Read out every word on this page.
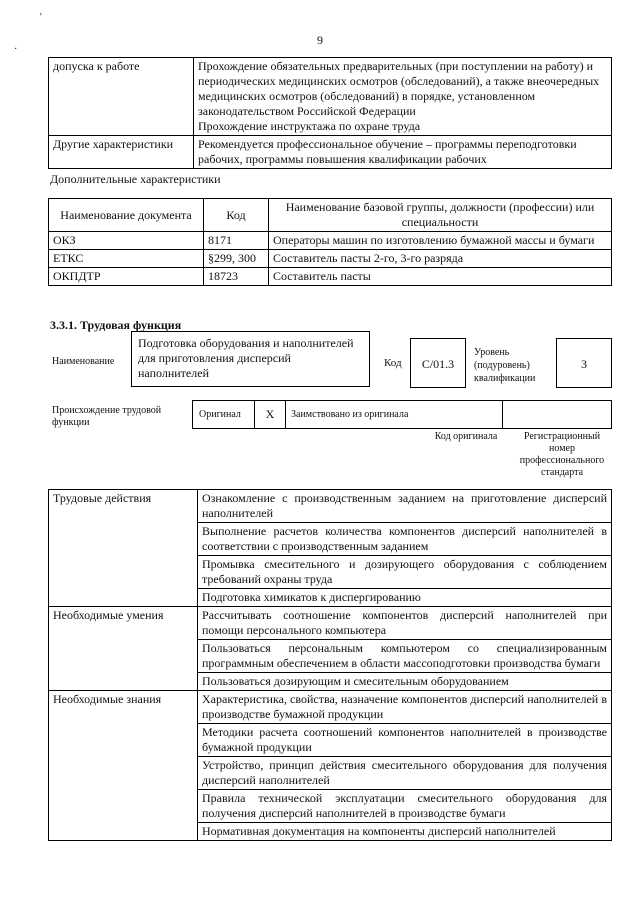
'
·
9
допуска к работе	Прохождение обязательных предварительных (при поступлении на работу) и периодических медицинских осмотров (обследований), а также внеочередных медицинских осмотров (обследований) в порядке, установленном законодательством Российской Федерации
Прохождение инструктажа по охране труда

Другие характеристики	Рекомендуется профессиональное обучение – программы переподготовки рабочих, программы повышения квалификации рабочих
Дополнительные характеристики
Наименование документа	Код	Наименование базовой группы, должности (профессии) или специальности
ОКЗ	8171	Операторы машин по изготовлению бумажной массы и бумаги
ЕТКС	§299, 300	Составитель пасты 2-го, 3-го разряда
ОКПДТР	18723	Составитель пасты
3.3.1. Трудовая функция
Наименование
Подготовка оборудования и наполнителей для приготовления дисперсий наполнителей
Код	C/01.3
Уровень (подуровень) квалификации
3
Происхождение трудовой функции
Оригинал	X	Заимствовано из оригинала
Код оригинала	Регистрационный номер профессионального стандарта
Трудовые действия	Ознакомление с производственным заданием на приготовление дисперсий наполнителей
	Выполнение расчетов количества компонентов дисперсий наполнителей в соответствии с производственным заданием
	Промывка смесительного и дозирующего оборудования с соблюдением требований охраны труда
	Подготовка химикатов к диспергированию
Необходимые умения	Рассчитывать соотношение компонентов дисперсий наполнителей при помощи персонального компьютера
	Пользоваться персональным компьютером со специализированным программным обеспечением в области массоподготовки производства бумаги
	Пользоваться дозирующим и смесительным оборудованием
Необходимые знания	Характеристика, свойства, назначение компонентов дисперсий наполнителей в производстве бумажной продукции
	Методики расчета соотношений компонентов наполнителей в производстве бумажной продукции
	Устройство, принцип действия смесительного оборудования для получения дисперсий наполнителей
	Правила технической эксплуатации смесительного оборудования для получения дисперсий наполнителей в производстве бумаги
	Нормативная документация на компоненты дисперсий наполнителей
